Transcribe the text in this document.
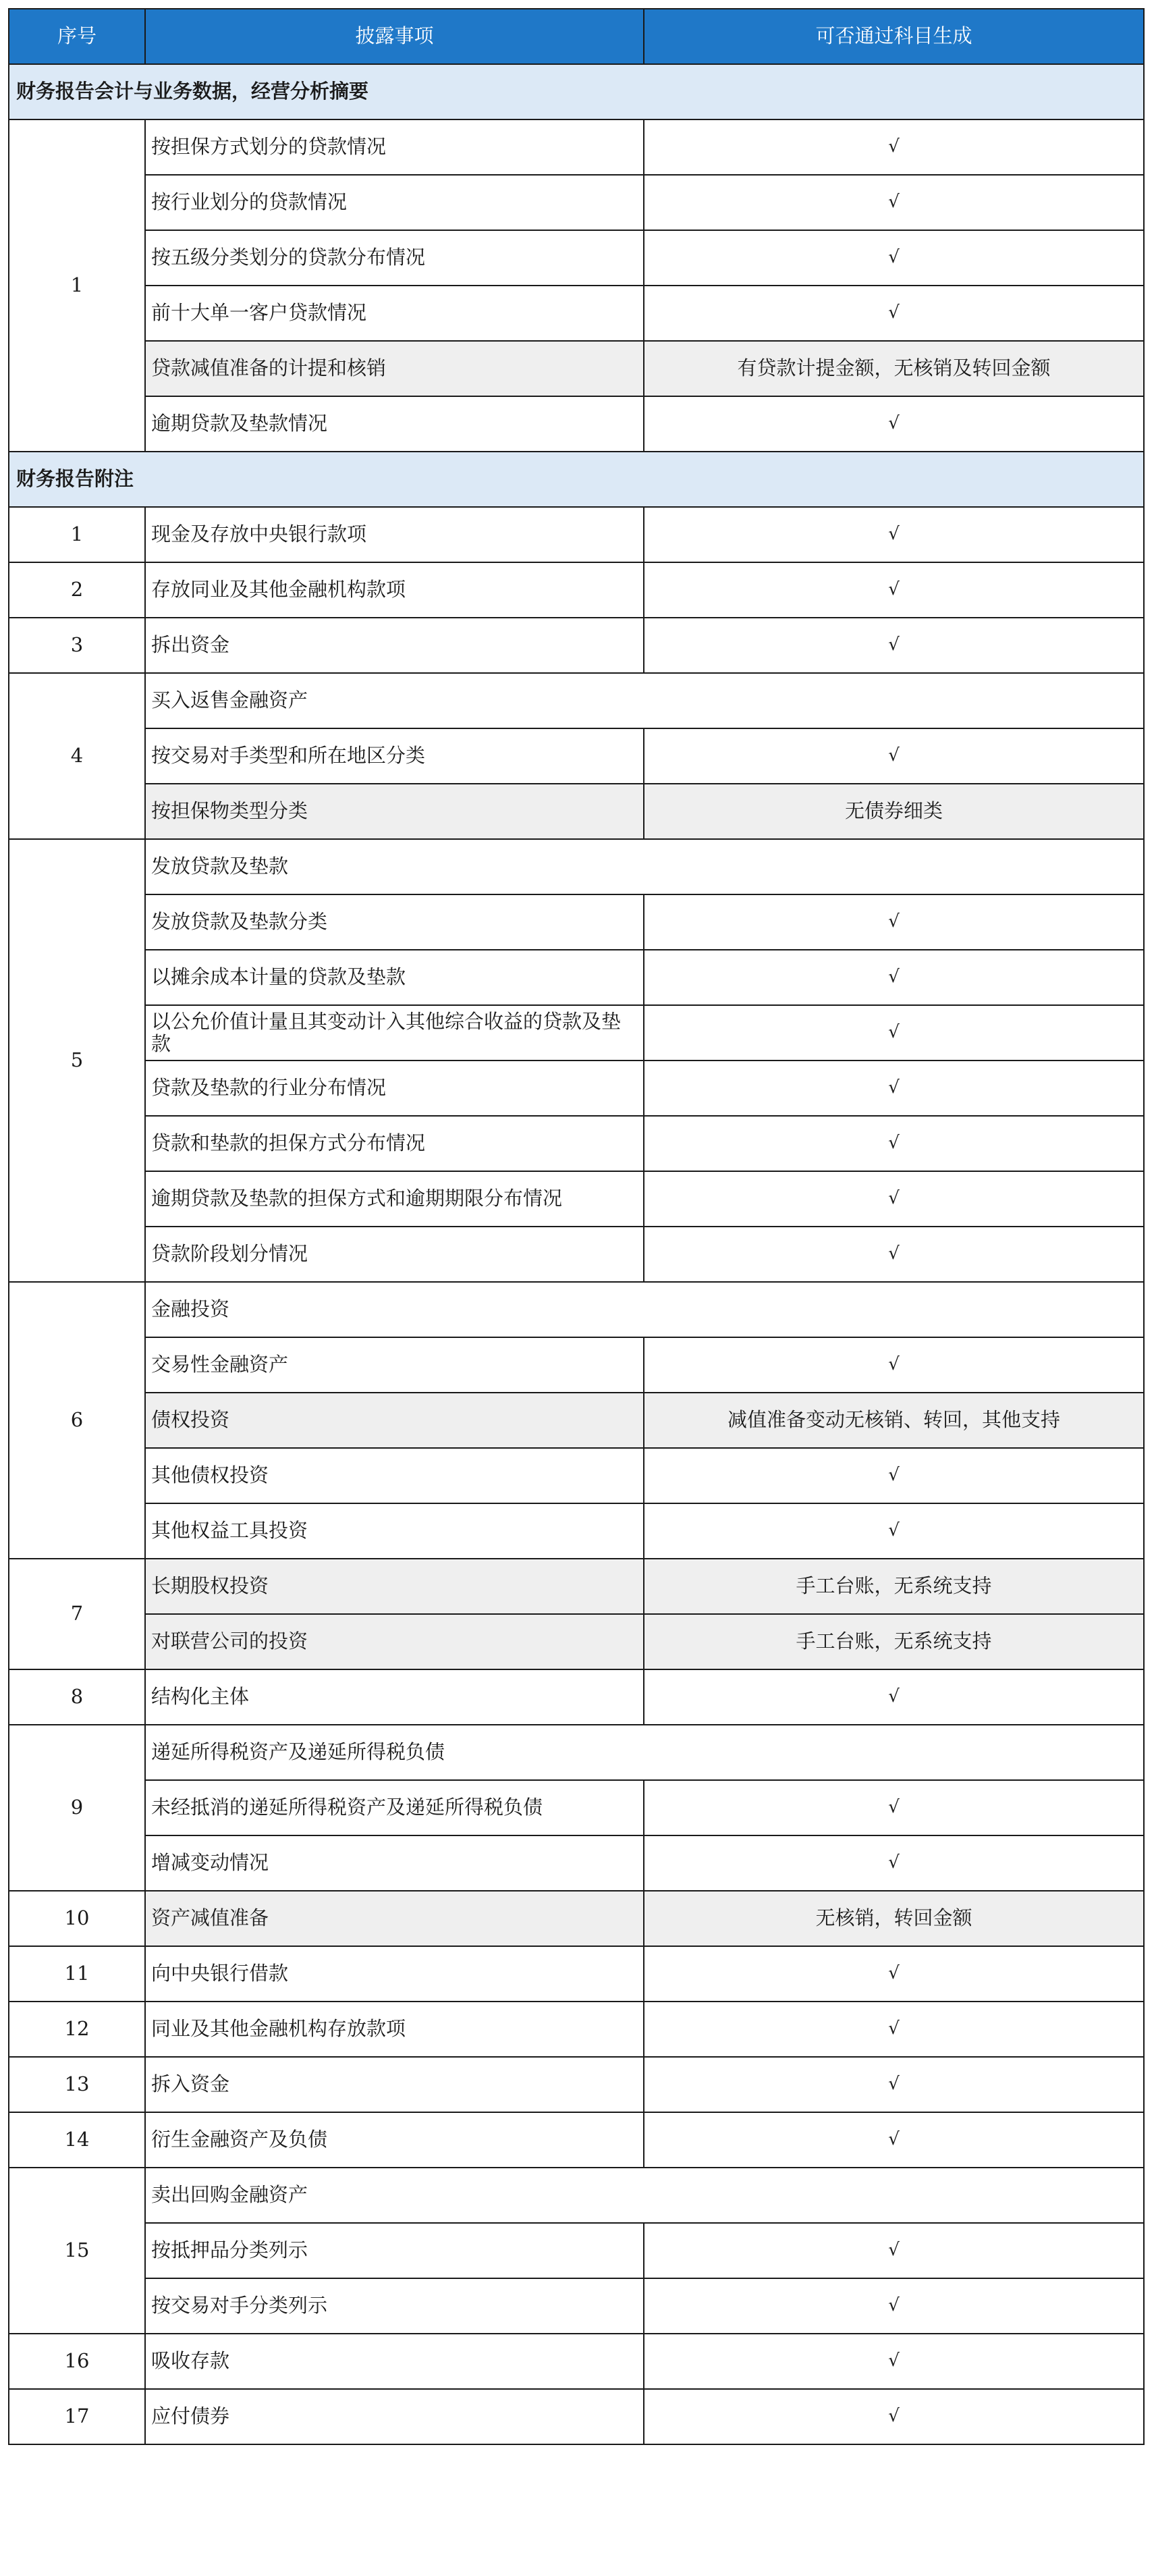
序号	披露事项	可否通过科目生成
财务报告会计与业务数据，经营分析摘要		
1	按担保方式划分的贷款情况	√
	按行业划分的贷款情况	√
	按五级分类划分的贷款分布情况	√
	前十大单一客户贷款情况	√
	贷款减值准备的计提和核销	有贷款计提金额，无核销及转回金额
	逾期贷款及垫款情况	√
财务报告附注		
1	现金及存放中央银行款项	√
2	存放同业及其他金融机构款项	√
3	拆出资金	√
4	买入返售金融资产	
	按交易对手类型和所在地区分类	√
	按担保物类型分类	无债券细类
5	发放贷款及垫款	
	发放贷款及垫款分类	√
	以摊余成本计量的贷款及垫款	√
	以公允价值计量且其变动计入其他综合收益的贷款及垫款	√
	贷款及垫款的行业分布情况	√
	贷款和垫款的担保方式分布情况	√
	逾期贷款及垫款的担保方式和逾期期限分布情况	√
	贷款阶段划分情况	√
6	金融投资	
	交易性金融资产	√
	债权投资	减值准备变动无核销、转回，其他支持
	其他债权投资	√
	其他权益工具投资	√
7	长期股权投资	手工台账，无系统支持
	对联营公司的投资	手工台账，无系统支持
8	结构化主体	√
9	递延所得税资产及递延所得税负债	
	未经抵消的递延所得税资产及递延所得税负债	√
	增减变动情况	√
10	资产减值准备	无核销，转回金额
11	向中央银行借款	√
12	同业及其他金融机构存放款项	√
13	拆入资金	√
14	衍生金融资产及负债	√
15	卖出回购金融资产	
	按抵押品分类列示	√
	按交易对手分类列示	√
16	吸收存款	√
17	应付债券	√
